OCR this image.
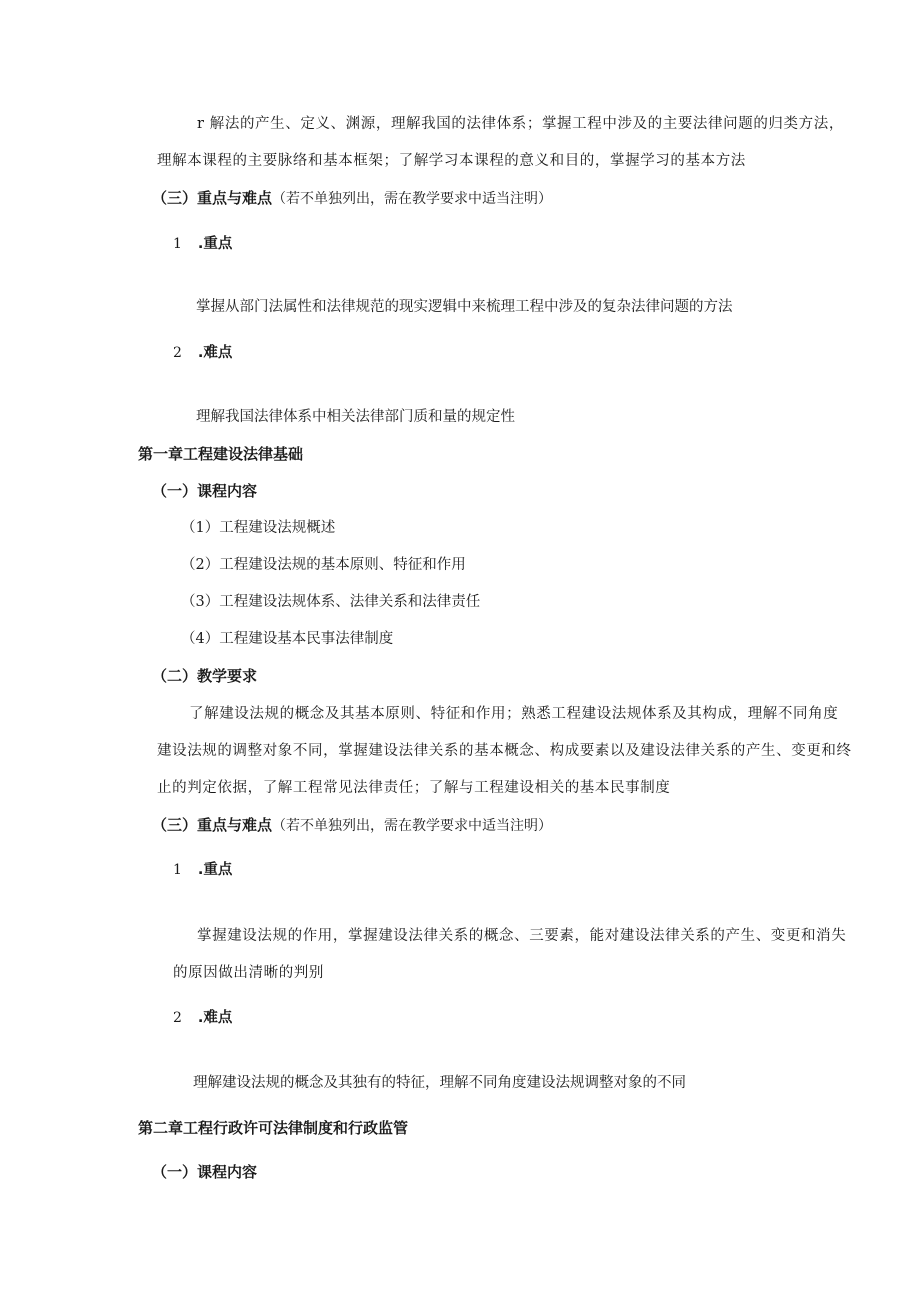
r 解法的产生、定义、渊源，理解我国的法律体系；掌握工程中涉及的主要法律问题的归类方法，
理解本课程的主要脉络和基本框架；了解学习本课程的意义和目的，掌握学习的基本方法
（三）重点与难点（若不单独列出，需在教学要求中适当注明）
1 .重点
掌握从部门法属性和法律规范的现实逻辑中来梳理工程中涉及的复杂法律问题的方法
2 .难点
理解我国法律体系中相关法律部门质和量的规定性
第一章工程建设法律基础
（一）课程内容
（1）工程建设法规概述
（2）工程建设法规的基本原则、特征和作用
（3）工程建设法规体系、法律关系和法律责任
（4）工程建设基本民事法律制度
（二）教学要求
了解建设法规的概念及其基本原则、特征和作用；熟悉工程建设法规体系及其构成，理解不同角度
建设法规的调整对象不同，掌握建设法律关系的基本概念、构成要素以及建设法律关系的产生、变更和终
止的判定依据，了解工程常见法律责任；了解与工程建设相关的基本民事制度
（三）重点与难点（若不单独列出，需在教学要求中适当注明）
1 .重点
掌握建设法规的作用，掌握建设法律关系的概念、三要素，能对建设法律关系的产生、变更和消失
的原因做出清晰的判别
2 .难点
理解建设法规的概念及其独有的特征，理解不同角度建设法规调整对象的不同
第二章工程行政许可法律制度和行政监管
（一）课程内容
